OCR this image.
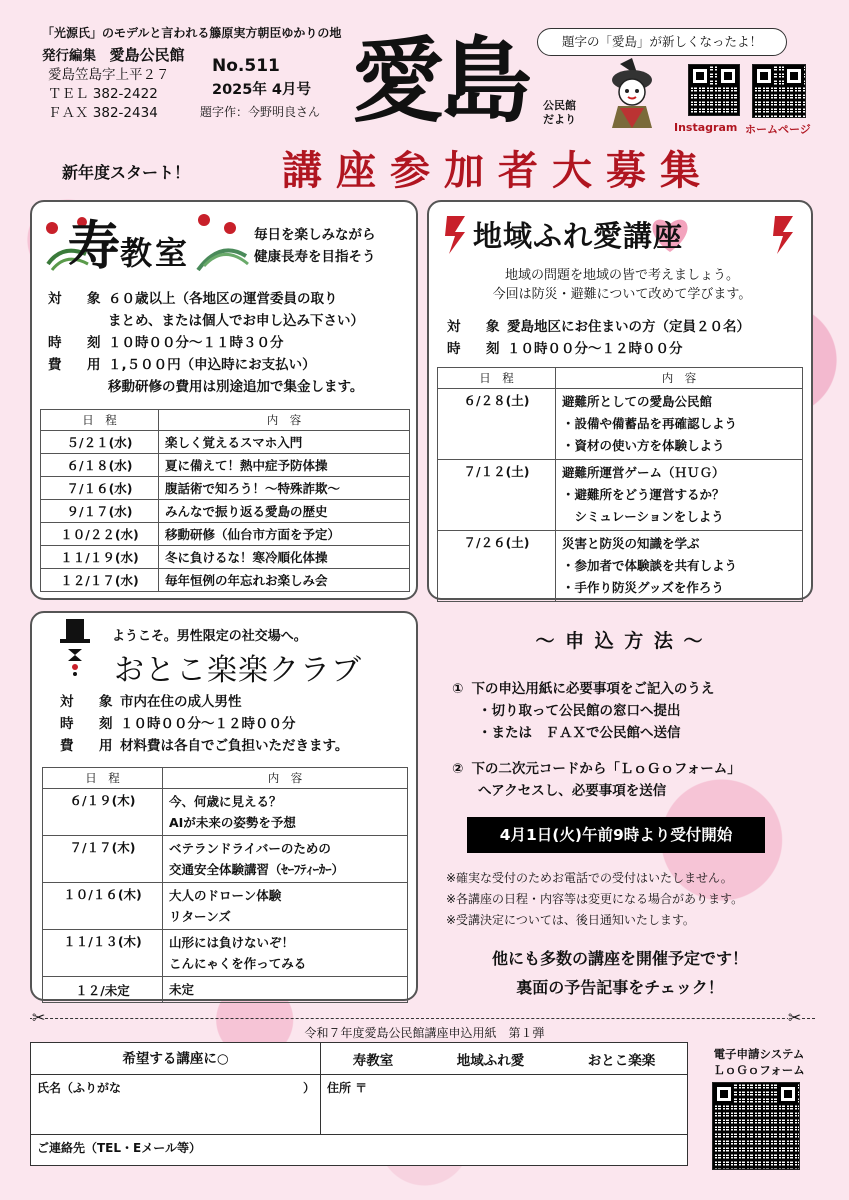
「光源氏」のモデルと言われる籐原実方朝臣ゆかりの地
発行編集　 愛島公民館
愛島笠島字上平２７
ＴＥＬ 382-2422
ＦＡＸ 382-2434
No.511
2025年 4月号
題字作：今野明良さん 愛島 公民館
だより
題字の「愛島」が新しくなったよ！
Instagram ホームページ
新年度スタート！ 講座参加者大募集
寿教室	毎日を楽しみながら
健康長寿を目指そう
対　象 ６０歳以上（各地区の運営委員の取り
まとめ、または個人でお申し込み下さい）
時　刻 １０時００分～１１時３０分
費　用 １,５００円（申込時にお支払い）
移動研修の費用は別途追加で集金します。
日　程	内　容
５/２１(水)	楽しく覚えるスマホ入門
６/１８(水)	夏に備えて！熱中症予防体操
７/１６(水)	腹話術で知ろう！～特殊詐欺～
９/１７(水)	みんなで振り返る愛島の歴史
１０/２２(水)	移動研修（仙台市方面を予定）
１１/１９(水)	冬に負けるな！寒冷順化体操
１２/１７(水)	毎年恒例の年忘れお楽しみ会
地域ふれ愛講座
地域の問題を地域の皆で考えましょう。
今回は防災・避難について改めて学びます。
対　象 愛島地区にお住まいの方（定員２０名）
時　刻 １０時００分～１２時００分
日　程	内　容
６/２８(土)	避難所としての愛島公民館
・設備や備蓄品を再確認しよう
・資材の使い方を体験しよう

７/１２(土)	避難所運営ゲーム（ＨＵＧ）
・避難所をどう運営するか？
　シミュレーションをしよう

７/２６(土)	災害と防災の知識を学ぶ
・参加者で体験談を共有しよう
・手作り防災グッズを作ろう
ようこそ。男性限定の社交場へ。
おとこ楽楽クラブ
対　象 市内在住の成人男性
時　刻 １０時００分～１２時００分
費　用 材料費は各自でご負担いただきます。
日　程	内　容
６/１９(木)	今、何歳に見える？
AIが未来の姿勢を予想

７/１７(木)	ベテランドライバーのための
交通安全体験講習（ｾｰﾌﾃｨｰｶｰ）

１０/１６(木)	大人のドローン体験
リターンズ

１１/１３(木)	山形には負けないぞ！
こんにゃくを作ってみる

１２/未定	未定
～ 申 込 方 法 ～
① 下の申込用紙に必要事項をご記入のうえ
・切り取って公民館の窓口へ提出
・または　ＦＡＸで公民館へ送信
② 下の二次元コードから「ＬｏＧｏフォーム」
へアクセスし、必要事項を送信
4月1日(火)午前9時より受付開始
※確実な受付のためお電話での受付はいたしません。
※各講座の日程・内容等は変更になる場合があります。
※受講決定については、後日通知いたします。
他にも多数の講座を開催予定です！
裏面の予告記事をチェック！
✂	✂
令和７年度愛島公民館講座申込用紙　第１弾
希望する講座に○	寿教室	地域ふれ愛	おとこ楽楽
氏名（ふりがな	） 住所 〒
ご連絡先（TEL・Eメール等）
電子申請システム
ＬｏＧｏフォーム
